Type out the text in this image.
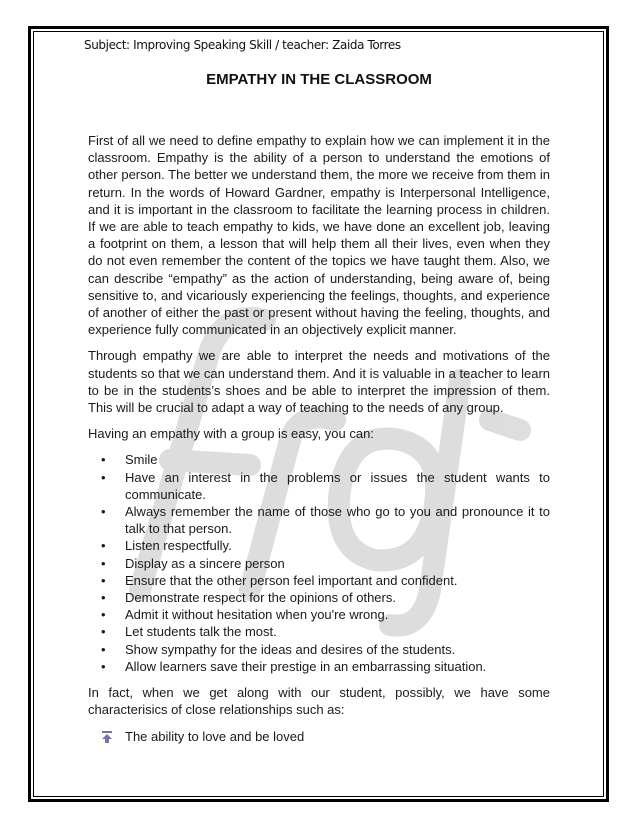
Subject: Improving Speaking Skill / teacher: Zaida Torres
EMPATHY IN THE CLASSROOM

First of all we need to define empathy to explain how we can implement it in the classroom. Empathy is the ability of a person to understand the emotions of other person. The better we understand them, the more we receive from them in return. In the words of Howard Gardner, empathy is Interpersonal Intelligence, and it is important in the classroom to facilitate the learning process in children. If we are able to teach empathy to kids, we have done an excellent job, leaving a footprint on them, a lesson that will help them all their lives, even when they do not even remember the content of the topics we have taught them. Also, we can describe “empathy” as the action of understanding, being aware of, being sensitive to, and vicariously experiencing the feelings, thoughts, and experience of another of either the past or present without having the feeling, thoughts, and experience fully communicated in an objectively explicit manner.

Through empathy we are able to interpret the needs and motivations of the students so that we can understand them. And it is valuable in a teacher to learn to be in the students’s shoes and be able to interpret the impression of them. This will be crucial to adapt a way of teaching to the needs of any group.

Having an empathy with a group is easy, you can:

• Smile
• Have an interest in the problems or issues the student wants to communicate.
• Always remember the name of those who go to you and pronounce it to talk to that person.
• Listen respectfully.
• Display as a sincere person
• Ensure that the other person feel important and confident.
• Demonstrate respect for the opinions of others.
• Admit it without hesitation when you're wrong.
• Let students talk the most.
• Show sympathy for the ideas and desires of the students.
• Allow learners save their prestige in an embarrassing situation.

In fact, when we get along with our student, possibly, we have some characterisics of close relationships such as:

The ability to love and be loved
